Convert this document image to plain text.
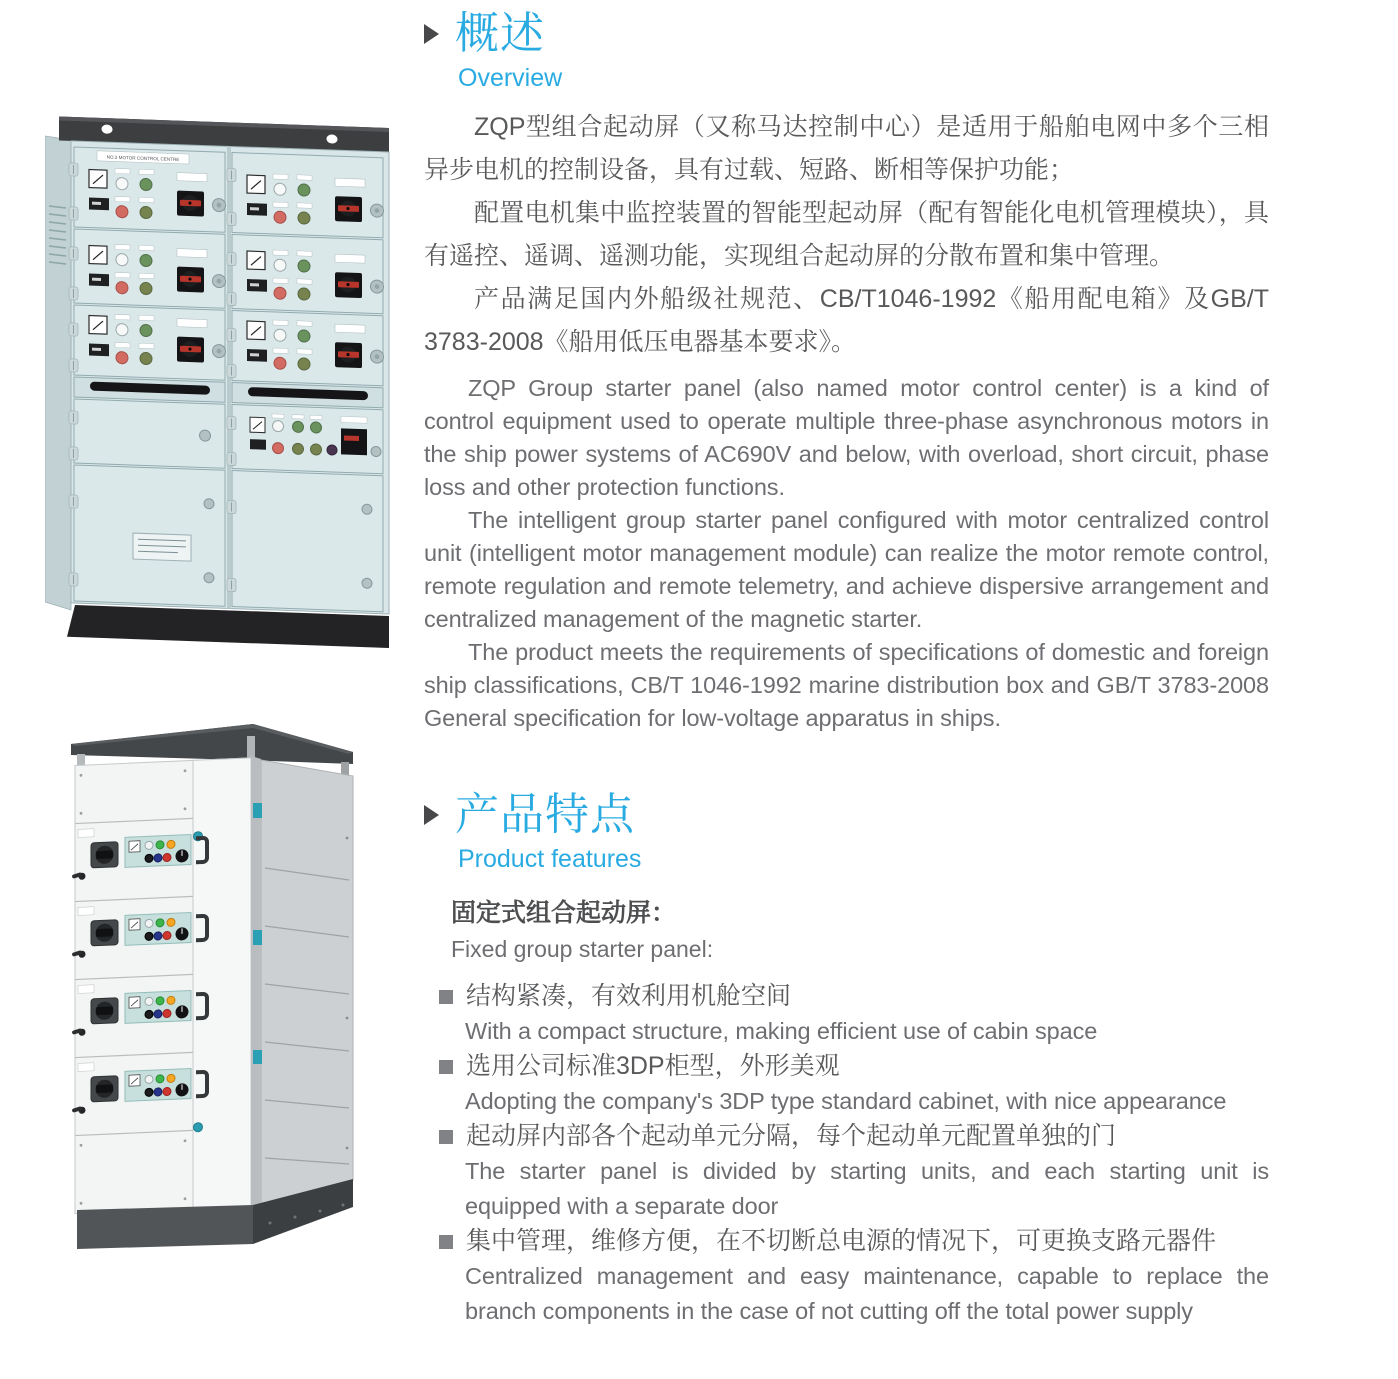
NO.3 MOTOR CONTROL CENTRE
概述
Overview

ZQP型组合起动屏（又称马达控制中心）是适用于船舶电网中多个三相异步电机的控制设备，具有过载、短路、断相等保护功能；

配置电机集中监控装置的智能型起动屏（配有智能化电机管理模块），具有遥控、遥调、遥测功能，实现组合起动屏的分散布置和集中管理。

产品满足国内外船级社规范、CB/T1046-1992《船用配电箱》及GB/T 3783-2008《船用低压电器基本要求》。

ZQP Group starter panel (also named motor control center) is a kind of control equipment used to operate multiple three-phase asynchronous motors in the ship power systems of AC690V and below, with overload, short circuit, phase loss and other protection functions.

The intelligent group starter panel configured with motor centralized control unit (intelligent motor management module) can realize the motor remote control, remote regulation and remote telemetry, and achieve dispersive arrangement and centralized management of the magnetic starter.

The product meets the requirements of specifications of domestic and foreign ship classifications, CB/T 1046-1992 marine distribution box and GB/T 3783-2008 General specification for low-voltage apparatus in ships.

产品特点
Product features
固定式组合起动屏：
Fixed group starter panel:
结构紧凑，有效利用机舱空间
With a compact structure, making efficient use of cabin space
选用公司标准3DP柜型，外形美观
Adopting the company's 3DP type standard cabinet, with nice appearance
起动屏内部各个起动单元分隔，每个起动单元配置单独的门
The starter panel is divided by starting units, and each starting unit is equipped with a separate door
集中管理，维修方便，在不切断总电源的情况下，可更换支路元器件
Centralized management and easy maintenance, capable to replace the branch components in the case of not cutting off the total power supply
